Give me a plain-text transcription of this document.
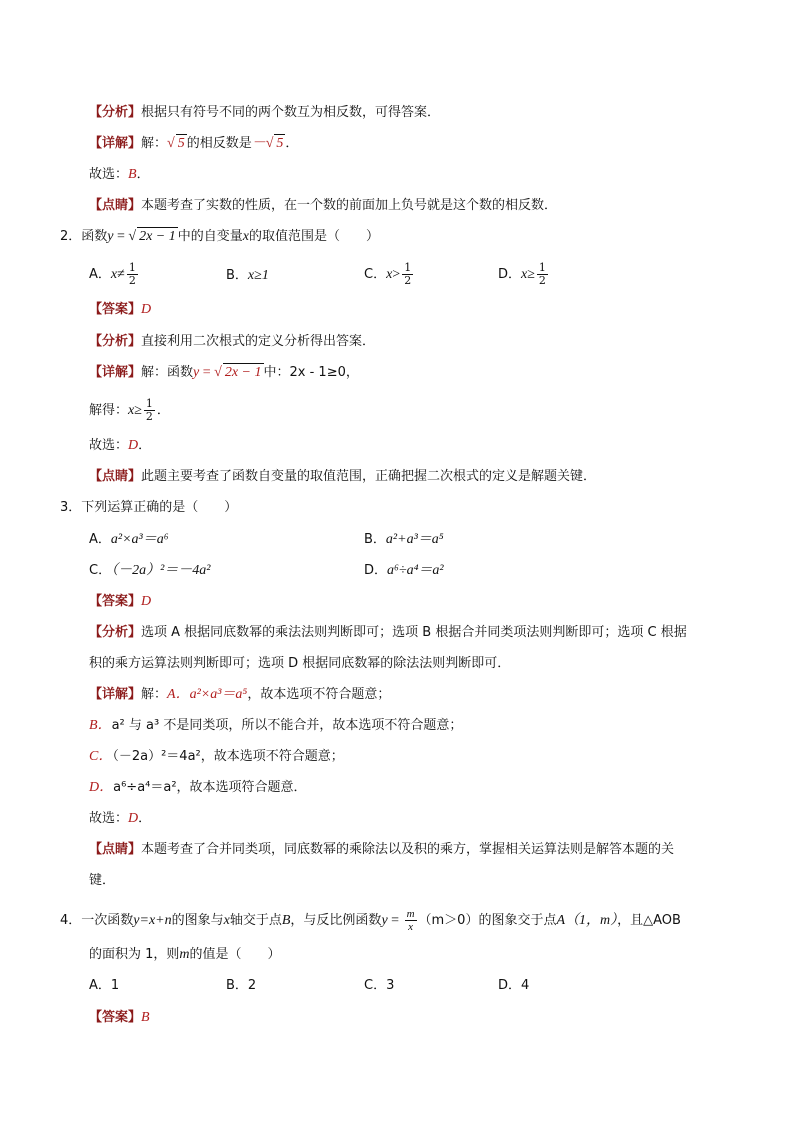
【分析】根据只有符号不同的两个数互为相反数，可得答案．
【详解】解：√ 5 的相反数是－√ 5 ．
故选：B．
【点睛】本题考查了实数的性质，在一个数的前面加上负号就是这个数的相反数．
2．函数y = √ 2x − 1 中的自变量x的取值范围是（　　）
A．$x\ne \frac{1}{2}$	B．x≥1	C．$x> \frac{1}{2}$	D．$x\ge \frac{1}{2}$
【答案】D
【分析】直接利用二次根式的定义分析得出答案．
【详解】解：函数y = √ 2x − 1 中：2x - 1≥0，
解得：$x\ge \frac{1}{2}$ ．
故选：D．
【点睛】此题主要考查了函数自变量的取值范围，正确把握二次根式的定义是解题关键．
3．下列运算正确的是（　　）
A．a²×a³＝a⁶	B．a²+a³＝a⁵
C．（－2a）²＝－4a²	D．a⁶÷a⁴＝a²
【答案】D
【分析】选项 A 根据同底数幂的乘法法则判断即可；选项 B 根据合并同类项法则判断即可；选项 C 根据
积的乘方运算法则判断即可；选项 D 根据同底数幂的除法法则判断即可．
【详解】解：A．a²×a³＝a⁵，故本选项不符合题意；
B．a² 与 a³ 不是同类项，所以不能合并，故本选项不符合题意；
C．（－2a）²＝4a²，故本选项不符合题意；
D．a⁶÷a⁴＝a²，故本选项符合题意．
故选：D．
【点睛】本题考查了合并同类项，同底数幂的乘除法以及积的乘方，掌握相关运算法则是解答本题的关
键．
4．一次函数y=x+n的图象与x轴交于点B，与反比例函数$y = \frac{m}{x} (m>0)$的图象交于点A（1，m），且△AOB
的面积为 1，则m的值是（　　）
A．1	B．2	C．3	D．4
【答案】B
